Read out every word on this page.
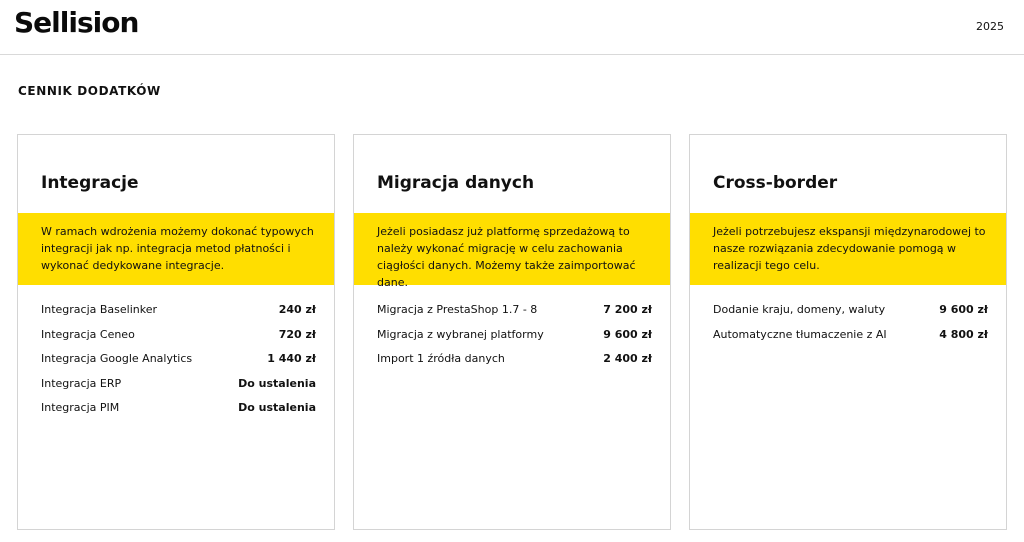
Sellision	2025
CENNIK DODATKÓW
Integracje
W ramach wdrożenia możemy dokonać typowych integracji jak np. integracja metod płatności i wykonać dedykowane integracje.
Integracja Baselinker	240 zł
Integracja Ceneo	720 zł
Integracja Google Analytics	1 440 zł
Integracja ERP	Do ustalenia
Integracja PIM	Do ustalenia
Migracja danych
Jeżeli posiadasz już platformę sprzedażową to należy wykonać migrację w celu zachowania ciągłości danych. Możemy także zaimportować dane.
Migracja z PrestaShop 1.7 - 8	7 200 zł
Migracja z wybranej platformy	9 600 zł
Import 1 źródła danych	2 400 zł
Cross-border
Jeżeli potrzebujesz ekspansji międzynarodowej to nasze rozwiązania zdecydowanie pomogą w realizacji tego celu.
Dodanie kraju, domeny, waluty	9 600 zł
Automatyczne tłumaczenie z AI	4 800 zł
